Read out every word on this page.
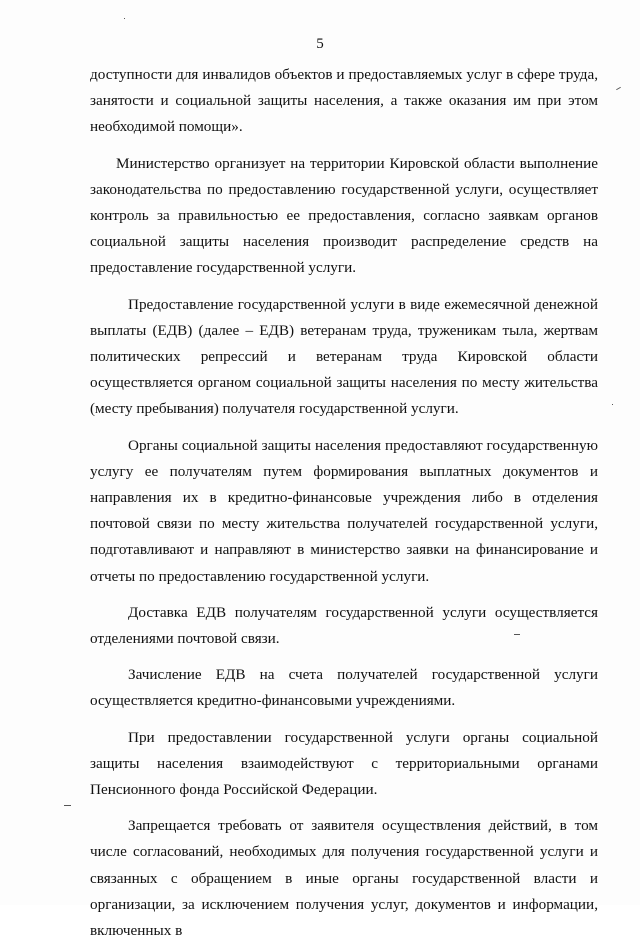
5

доступности для инвалидов объектов и предоставляемых услуг в сфере труда, занятости и социальной защиты населения, а также оказания им при этом необходимой помощи».

Министерство организует на территории Кировской области выполнение законодательства по предоставлению государственной услуги, осуществляет контроль за правильностью ее предоставления, согласно заявкам органов социальной защиты населения производит распределение средств на предоставление государственной услуги.

Предоставление государственной услуги в виде ежемесячной денежной выплаты (ЕДВ) (далее – ЕДВ) ветеранам труда, труженикам тыла, жертвам политических репрессий и ветеранам труда Кировской области осуществляется органом социальной защиты населения по месту жительства (месту пребывания) получателя государственной услуги.

Органы социальной защиты населения предоставляют государственную услугу ее получателям путем формирования выплатных документов и направления их в кредитно-финансовые учреждения либо в отделения почтовой связи по месту жительства получателей государственной услуги, подготавливают и направляют в министерство заявки на финансирование и отчеты по предоставлению государственной услуги.

Доставка ЕДВ получателям государственной услуги осуществляется отделениями почтовой связи.

Зачисление ЕДВ на счета получателей государственной услуги осуществляется кредитно-финансовыми учреждениями.

При предоставлении государственной услуги органы социальной защиты населения взаимодействуют с территориальными органами Пенсионного фонда Российской Федерации.

Запрещается требовать от заявителя осуществления действий, в том числе согласований, необходимых для получения государственной услуги и связанных с обращением в иные органы государственной власти и организации, за исключением получения услуг, документов и информации, включенных в
